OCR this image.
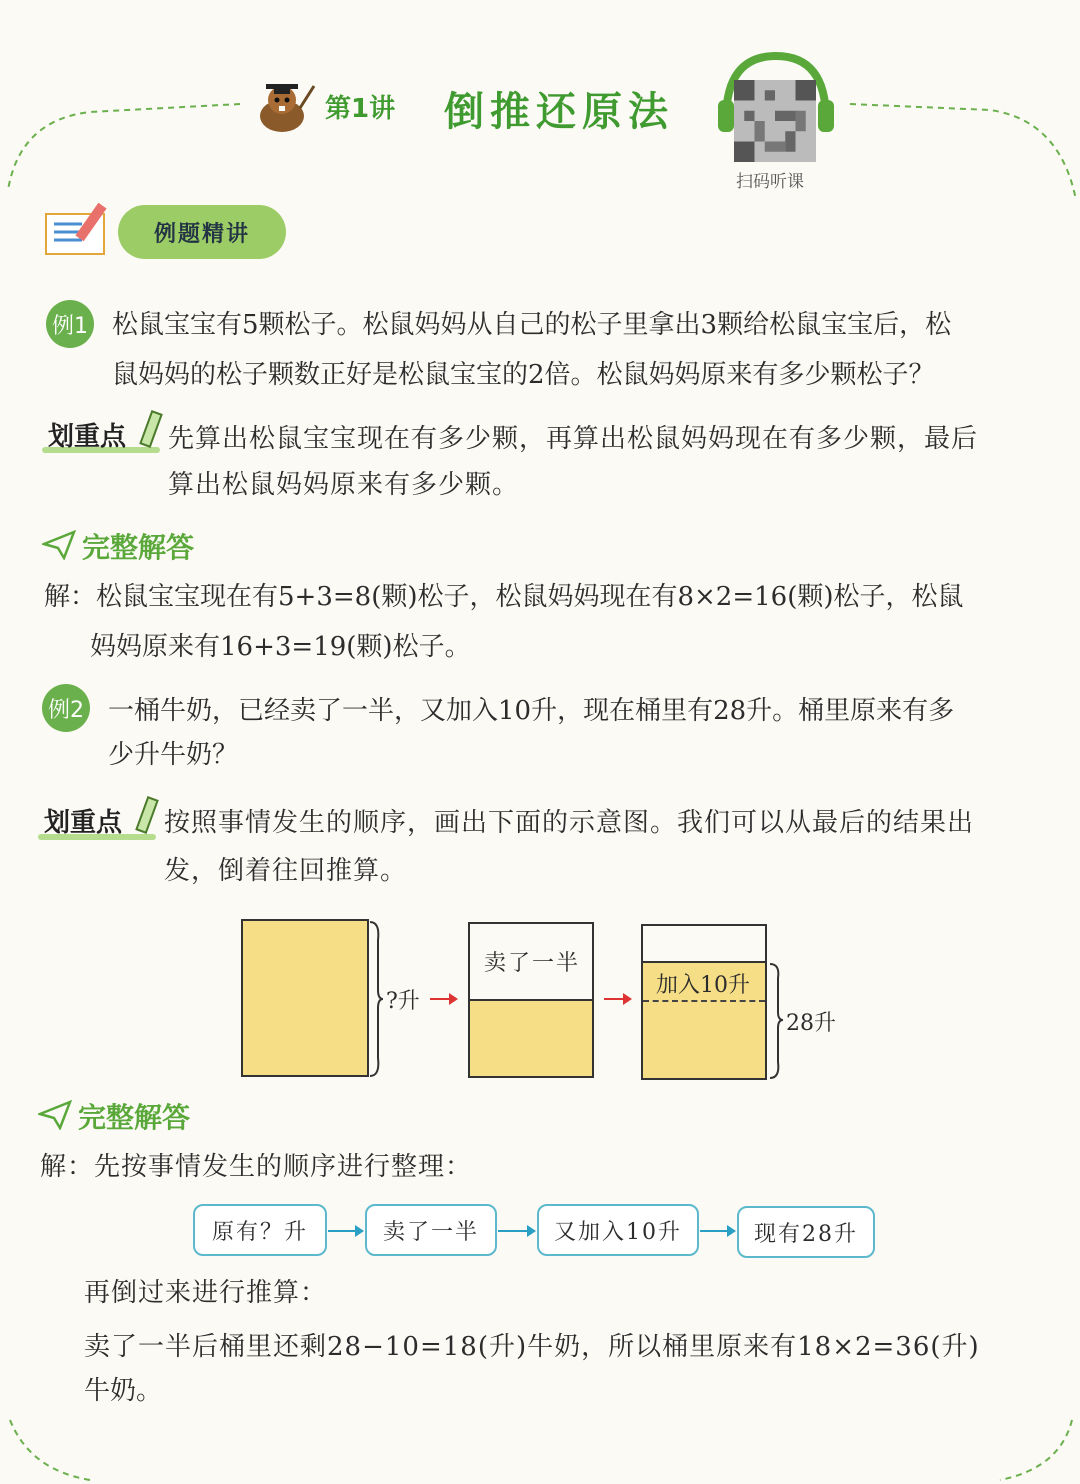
第1讲 倒推还原法
扫码听课
例题精讲
例1 松鼠宝宝有5颗松子。松鼠妈妈从自己的松子里拿出3颗给松鼠宝宝后，松
鼠妈妈的松子颗数正好是松鼠宝宝的2倍。松鼠妈妈原来有多少颗松子？
划重点 先算出松鼠宝宝现在有多少颗，再算出松鼠妈妈现在有多少颗，最后
算出松鼠妈妈原来有多少颗。
完整解答
解：松鼠宝宝现在有5+3=8(颗)松子，松鼠妈妈现在有8×2=16(颗)松子，松鼠
妈妈原来有16+3=19(颗)松子。
例2 一桶牛奶，已经卖了一半，又加入10升，现在桶里有28升。桶里原来有多
少升牛奶？
划重点 按照事情发生的顺序，画出下面的示意图。我们可以从最后的结果出
发，倒着往回推算。
?升
卖了一半
加入10升
28升
完整解答
解：先按事情发生的顺序进行整理：
原有？升	卖了一半	又加入10升	现有28升
再倒过来进行推算：
卖了一半后桶里还剩28−10=18(升)牛奶，所以桶里原来有18×2=36(升)
牛奶。
